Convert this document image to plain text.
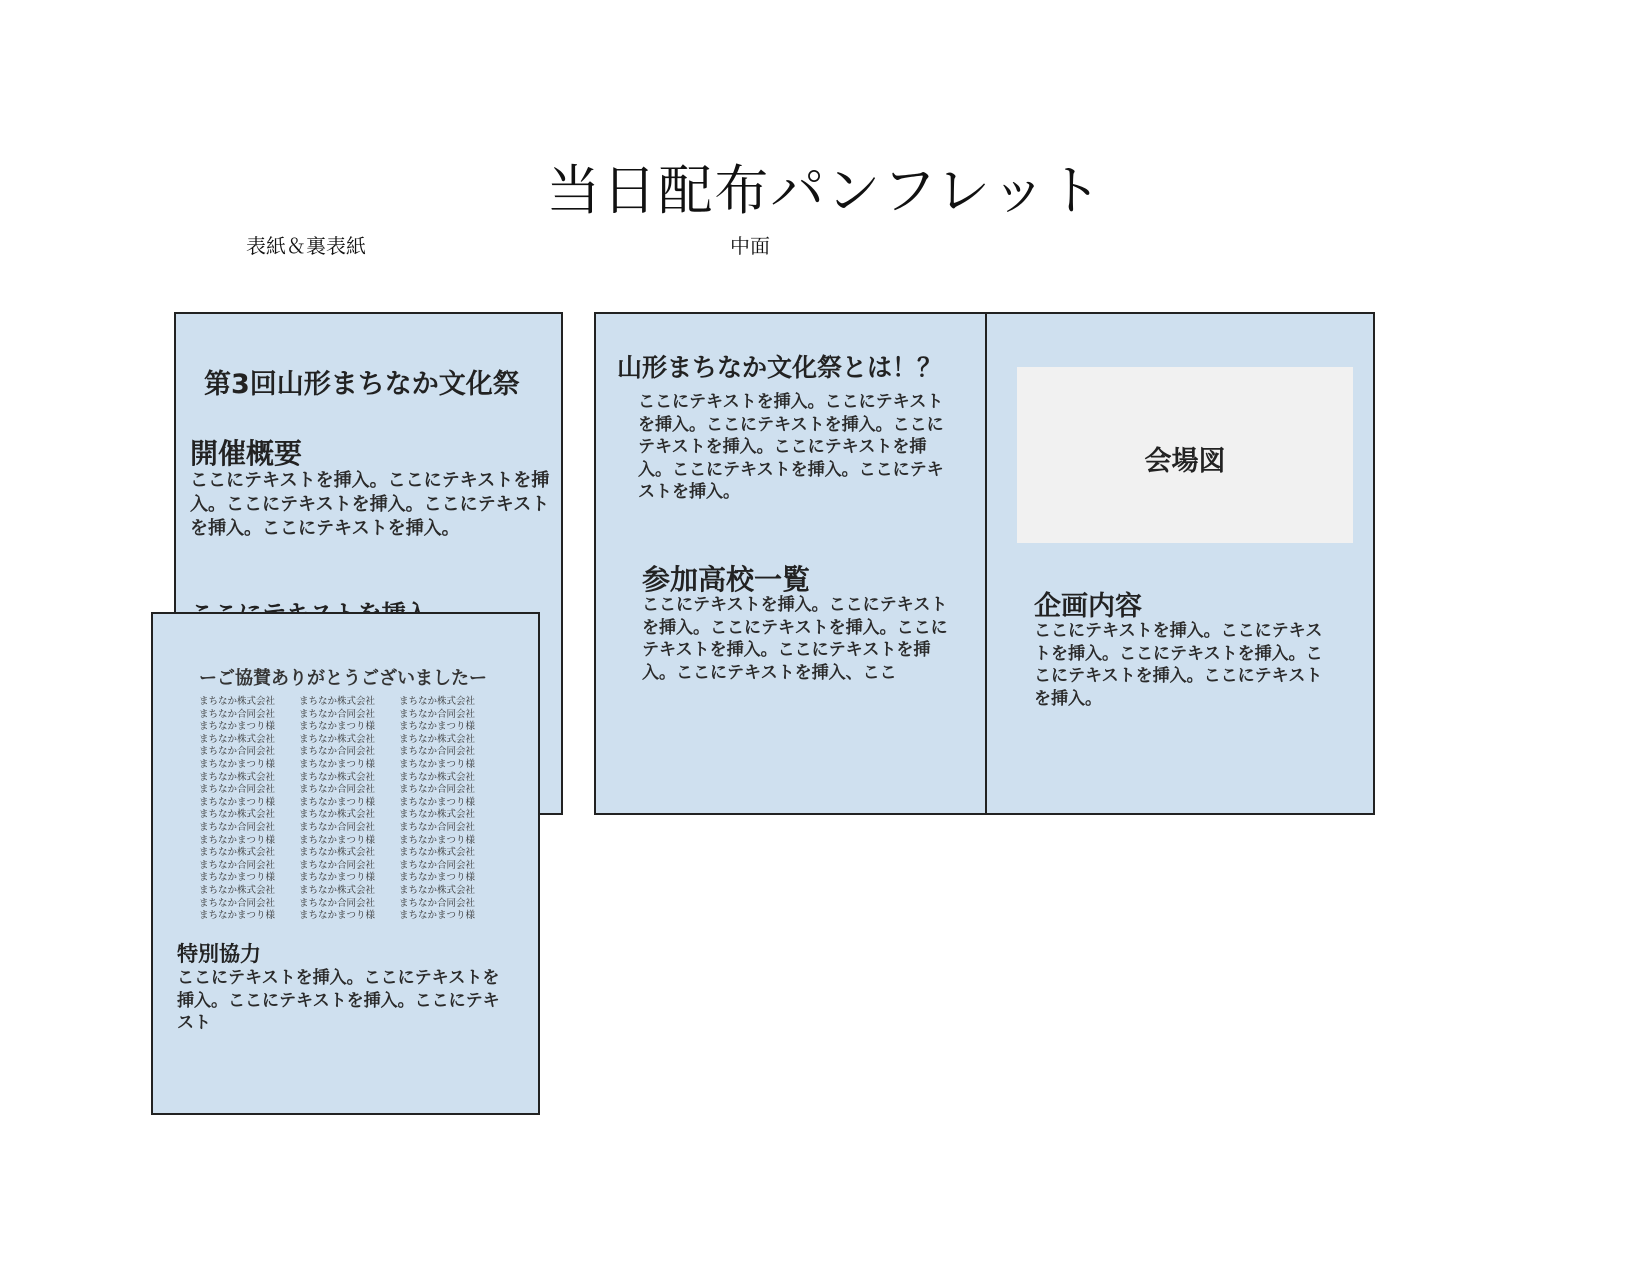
当日配布パンフレット
表紙＆裏表紙	中面
第3回山形まちなか文化祭
開催概要
ここにテキストを挿入。ここにテキストを挿入。ここにテキストを挿入。ここにテキストを挿入。ここにテキストを挿入。
ーご協賛ありがとうございましたー
まちなか株式会社	まちなか株式会社	まちなか株式会社
まちなか合同会社	まちなか合同会社	まちなか合同会社
まちなかまつり様	まちなかまつり様	まちなかまつり様
まちなか株式会社	まちなか株式会社	まちなか株式会社
まちなか合同会社	まちなか合同会社	まちなか合同会社
まちなかまつり様	まちなかまつり様	まちなかまつり様
まちなか株式会社	まちなか株式会社	まちなか株式会社
まちなか合同会社	まちなか合同会社	まちなか合同会社
まちなかまつり様	まちなかまつり様	まちなかまつり様
まちなか株式会社	まちなか株式会社	まちなか株式会社
まちなか合同会社	まちなか合同会社	まちなか合同会社
まちなかまつり様	まちなかまつり様	まちなかまつり様
まちなか株式会社	まちなか株式会社	まちなか株式会社
まちなか合同会社	まちなか合同会社	まちなか合同会社
まちなかまつり様	まちなかまつり様	まちなかまつり様
まちなか株式会社	まちなか株式会社	まちなか株式会社
まちなか合同会社	まちなか合同会社	まちなか合同会社
まちなかまつり様	まちなかまつり様	まちなかまつり様
特別協力
ここにテキストを挿入。ここにテキストを挿入。ここにテキストを挿入。ここにテキスト
山形まちなか文化祭とは！？
ここにテキストを挿入。ここにテキストを挿入。ここにテキストを挿入。ここにテキストを挿入。ここにテキストを挿入。ここにテキストを挿入。ここにテキストを挿入。
参加高校一覧
ここにテキストを挿入。ここにテキストを挿入。ここにテキストを挿入。ここにテキストを挿入。ここにテキストを挿入。ここにテキストを挿入、ここ
会場図
企画内容
ここにテキストを挿入。ここにテキストを挿入。ここにテキストを挿入。ここにテキストを挿入。ここにテキストを挿入。
